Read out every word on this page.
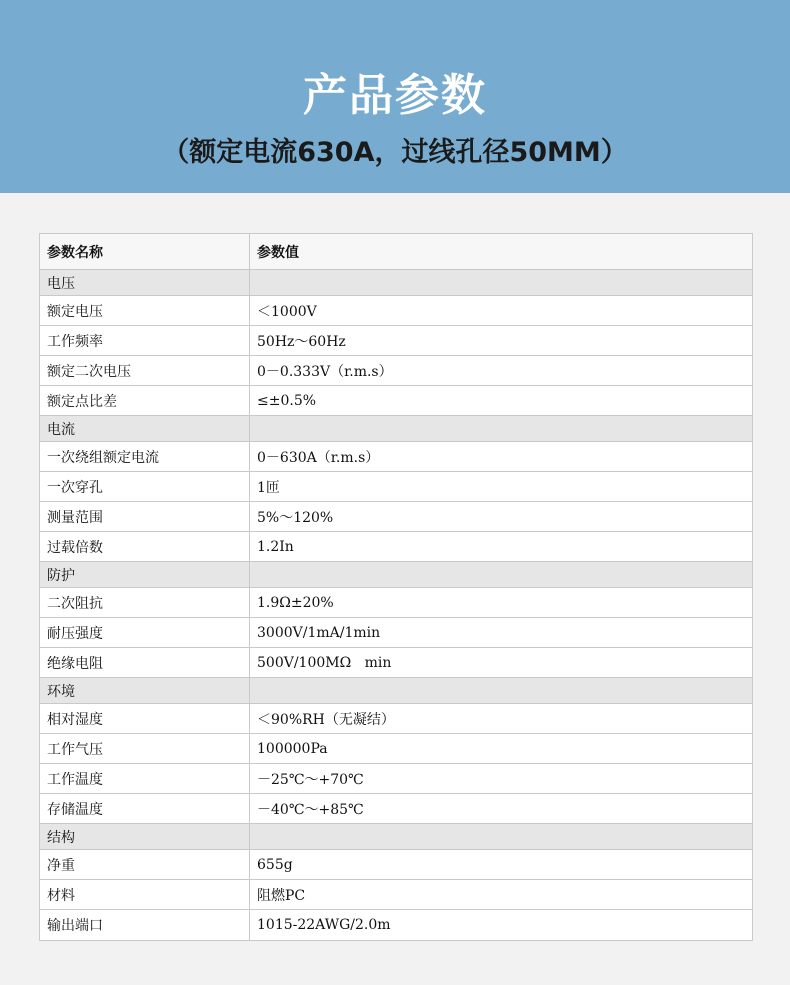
产品参数
（额定电流630A，过线孔径50MM）
参数名称	参数值
电压
额定电压	＜1000V
工作频率	50Hz～60Hz
额定二次电压	0－0.333V（r.m.s）
额定点比差	≤±0.5%
电流
一次绕组额定电流	0－630A（r.m.s）
一次穿孔	1匝
测量范围	5%～120%
过载倍数	1.2In
防护
二次阻抗	1.9Ω±20%
耐压强度	3000V/1mA/1min
绝缘电阻	500V/100MΩ   min
环境
相对湿度	＜90%RH（无凝结）
工作气压	100000Pa
工作温度	－25℃～+70℃
存储温度	－40℃～+85℃
结构
净重	655g
材料	阻燃PC
输出端口	1015-22AWG/2.0m
